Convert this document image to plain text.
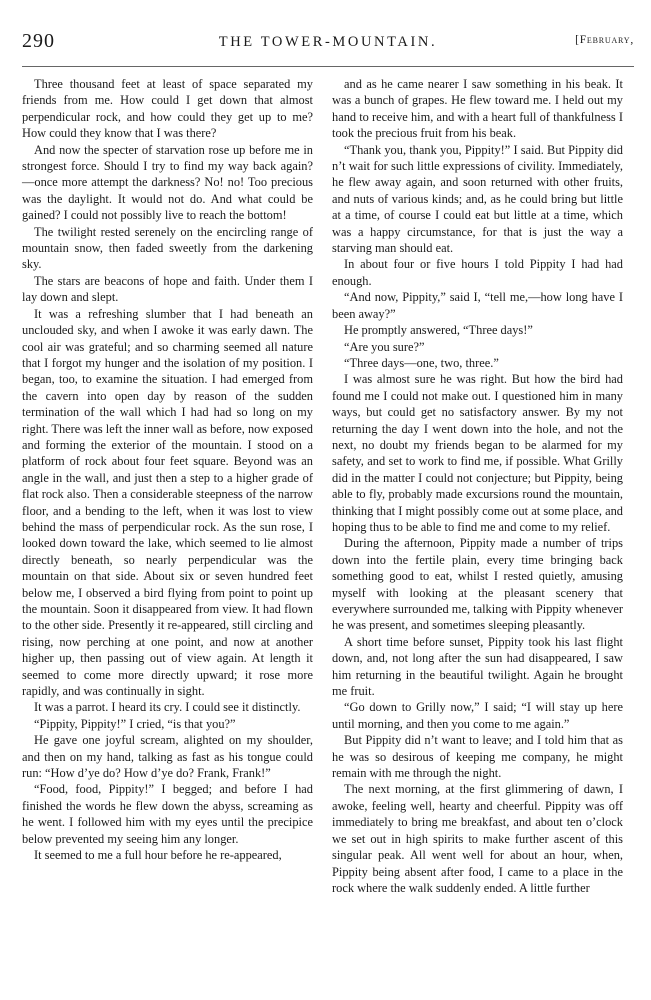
290	THE TOWER-MOUNTAIN.	[February,

Three thousand feet at least of space separated my friends from me. How could I get down that almost perpendicular rock, and how could they get up to me? How could they know that I was there?

And now the specter of starvation rose up before me in strongest force. Should I try to find my way back again?—once more attempt the darkness? No! no! Too precious was the daylight. It would not do. And what could be gained? I could not possibly live to reach the bottom!

The twilight rested serenely on the encircling range of mountain snow, then faded sweetly from the darkening sky.

The stars are beacons of hope and faith. Under them I lay down and slept.

It was a refreshing slumber that I had beneath an unclouded sky, and when I awoke it was early dawn. The cool air was grateful; and so charming seemed all nature that I forgot my hunger and the isolation of my position. I began, too, to examine the situation. I had emerged from the cavern into open day by reason of the sudden termination of the wall which I had had so long on my right. There was left the inner wall as before, now exposed and forming the exterior of the mountain. I stood on a platform of rock about four feet square. Beyond was an angle in the wall, and just then a step to a higher grade of flat rock also. Then a considerable steepness of the narrow floor, and a bending to the left, when it was lost to view behind the mass of perpendicular rock. As the sun rose, I looked down toward the lake, which seemed to lie almost directly beneath, so nearly perpendicular was the mountain on that side. About six or seven hundred feet below me, I observed a bird flying from point to point up the mountain. Soon it disappeared from view. It had flown to the other side. Presently it re-appeared, still circling and rising, now perching at one point, and now at another higher up, then passing out of view again. At length it seemed to come more directly upward; it rose more rapidly, and was continually in sight.

It was a parrot. I heard its cry. I could see it distinctly.

“Pippity, Pippity!” I cried, “is that you?”

He gave one joyful scream, alighted on my shoulder, and then on my hand, talking as fast as his tongue could run: “How d’ye do? How d’ye do? Frank, Frank!”

“Food, food, Pippity!” I begged; and before I had finished the words he flew down the abyss, screaming as he went. I followed him with my eyes until the precipice below prevented my seeing him any longer.

It seemed to me a full hour before he re-appeared,

and as he came nearer I saw something in his beak. It was a bunch of grapes. He flew toward me. I held out my hand to receive him, and with a heart full of thankfulness I took the precious fruit from his beak.

“Thank you, thank you, Pippity!” I said. But Pippity did n’t wait for such little expressions of civility. Immediately, he flew away again, and soon returned with other fruits, and nuts of various kinds; and, as he could bring but little at a time, of course I could eat but little at a time, which was a happy circumstance, for that is just the way a starving man should eat.

In about four or five hours I told Pippity I had had enough.

“And now, Pippity,” said I, “tell me,—how long have I been away?”

He promptly answered, “Three days!”

“Are you sure?”

“Three days—one, two, three.”

I was almost sure he was right. But how the bird had found me I could not make out. I questioned him in many ways, but could get no satisfactory answer. By my not returning the day I went down into the hole, and not the next, no doubt my friends began to be alarmed for my safety, and set to work to find me, if possible. What Grilly did in the matter I could not conjecture; but Pippity, being able to fly, probably made excursions round the mountain, thinking that I might possibly come out at some place, and hoping thus to be able to find me and come to my relief.

During the afternoon, Pippity made a number of trips down into the fertile plain, every time bringing back something good to eat, whilst I rested quietly, amusing myself with looking at the pleasant scenery that everywhere surrounded me, talking with Pippity whenever he was present, and sometimes sleeping pleasantly.

A short time before sunset, Pippity took his last flight down, and, not long after the sun had disappeared, I saw him returning in the beautiful twilight. Again he brought me fruit.

“Go down to Grilly now,” I said; “I will stay up here until morning, and then you come to me again.”

But Pippity did n’t want to leave; and I told him that as he was so desirous of keeping me company, he might remain with me through the night.

The next morning, at the first glimmering of dawn, I awoke, feeling well, hearty and cheerful. Pippity was off immediately to bring me breakfast, and about ten o’clock we set out in high spirits to make further ascent of this singular peak. All went well for about an hour, when, Pippity being absent after food, I came to a place in the rock where the walk suddenly ended. A little further
